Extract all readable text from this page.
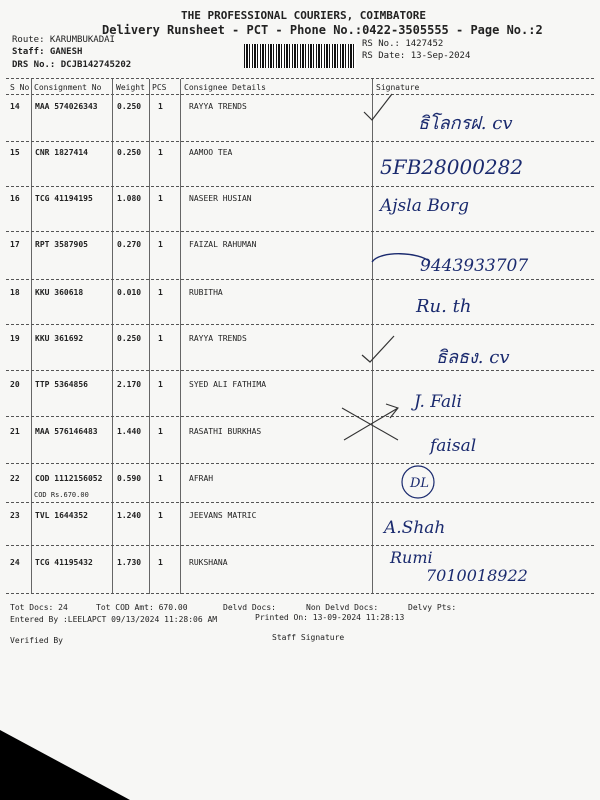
THE PROFESSIONAL COURIERS, COIMBATORE
Delivery Runsheet - PCT - Phone No.:0422-3505555 - Page No.:2
Route: KARUMBUKADAI
Staff: GANESH
DRS No.: DCJB142745202
RS No.: 1427452
RS Date: 13-Sep-2024
S No Consignment No Weight PCS Consignee Details	Signature
14 MAA 574026343 0.250 1	RAYYA TRENDS
ธิโลกรฝ. cv
15 CNR 1827414	0.250 1	AAMOO TEA
5FB28000282
16 TCG 41194195	1.080 1	NASEER HUSIAN	Ajsla Borg
17 RPT 3587905	0.270 1	FAIZAL RAHUMAN
9443933707
18 KKU 360618	0.010 1	RUBITHA
Ru. th
19 KKU 361692	0.250 1	RAYYA TRENDS
ธิลธง. cv
20 TTP 5364856	2.170 1	SYED ALI FATHIMA
J. Fali
21 MAA 576146483 1.440 1	RASATHI BURKHAS
faisal
22 COD 1112156052 0.590 1	AFRAH
COD Rs.670.00
DL
23 TVL 1644352	1.240 1	JEEVANS MATRIC
A.Shah
24 TCG 41195432	1.730 1	RUKSHANA	Rumi
7010018922
Tot Docs: 24	Tot COD Amt: 670.00	Delvd Docs:	Non Delvd Docs:	Delvy Pts:
Entered By :LEELAPCT 09/13/2024 11:28:06 AM	Printed On: 13-09-2024 11:28:13
Verified By	Staff Signature
